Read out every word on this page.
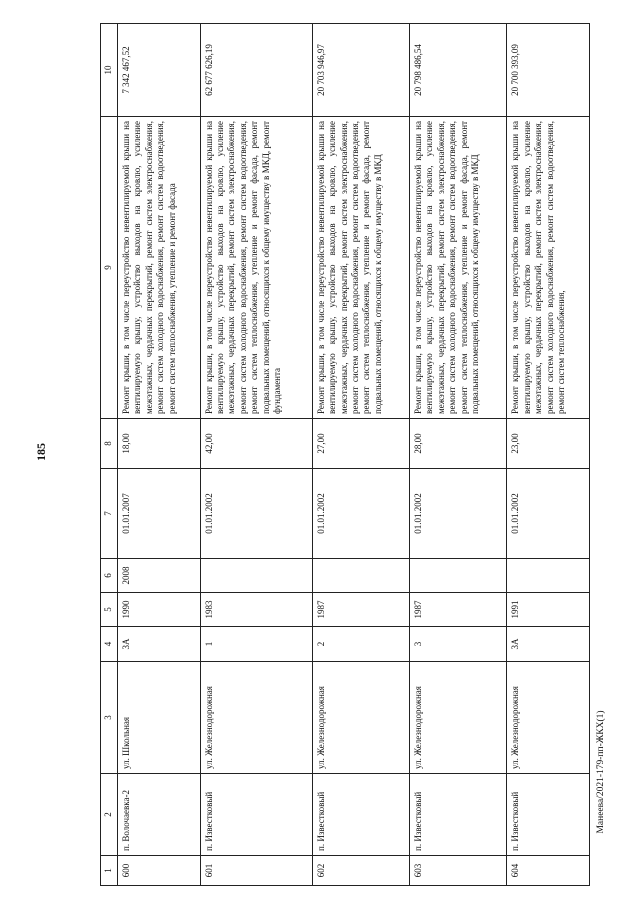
185
1	2	3	4	5	6	7	8	9	10
600	п. Волочаевка-2	ул. Школьная	3А	1990	2008	01.01.2007	18,00	Ремонт крыши, в том числе переустройство невентилируемой крыши на вентилируемую крышу, устройство выходов на кровлю, усиление межэтажных, чердачных перекрытий, ремонт систем электроснабжения, ремонт систем холодного водоснабжения, ремонт систем водоотведения, ремонт систем теплоснабжения, утепление и ремонт фасада	7 342 467,52
601	п. Известковый	ул. Железнодорожная	1	1983		01.01.2002	42,00	Ремонт крыши, в том числе переустройство невентилируемой крыши на вентилируемую крышу, устройство выходов на кровлю, усиление межэтажных, чердачных перекрытий, ремонт систем электроснабжения, ремонт систем холодного водоснабжения, ремонт систем водоотведения, ремонт систем теплоснабжения, утепление и ремонт фасада, ремонт подвальных помещений, относящихся к общему имуществу в МКД, ремонт фундамента	62 677 626,19
602	п. Известковый	ул. Железнодорожная	2	1987		01.01.2002	27,00	Ремонт крыши, в том числе переустройство невентилируемой крыши на вентилируемую крышу, устройство выходов на кровлю, усиление межэтажных, чердачных перекрытий, ремонт систем электроснабжения, ремонт систем холодного водоснабжения, ремонт систем водоотведения, ремонт систем теплоснабжения, утепление и ремонт фасада, ремонт подвальных помещений, относящихся к общему имуществу в МКД	20 703 946,97
603	п. Известковый	ул. Железнодорожная	3	1987		01.01.2002	28,00	Ремонт крыши, в том числе переустройство невентилируемой крыши на вентилируемую крышу, устройство выходов на кровлю, усиление межэтажных, чердачных перекрытий, ремонт систем электроснабжения, ремонт систем холодного водоснабжения, ремонт систем водоотведения, ремонт систем теплоснабжения, утепление и ремонт фасада, ремонт подвальных помещений, относящихся к общему имуществу в МКД	20 798 486,54
604	п. Известковый	ул. Железнодорожная	3А	1991		01.01.2002	23,00	Ремонт крыши, в том числе переустройство невентилируемой крыши на вентилируемую крышу, устройство выходов на кровлю, усиление межэтажных, чердачных перекрытий, ремонт систем электроснабжения, ремонт систем холодного водоснабжения, ремонт систем водоотведения, ремонт систем теплоснабжения,	20 700 393,09
Манеева/2021-179-пп-ЖКХ(1)
